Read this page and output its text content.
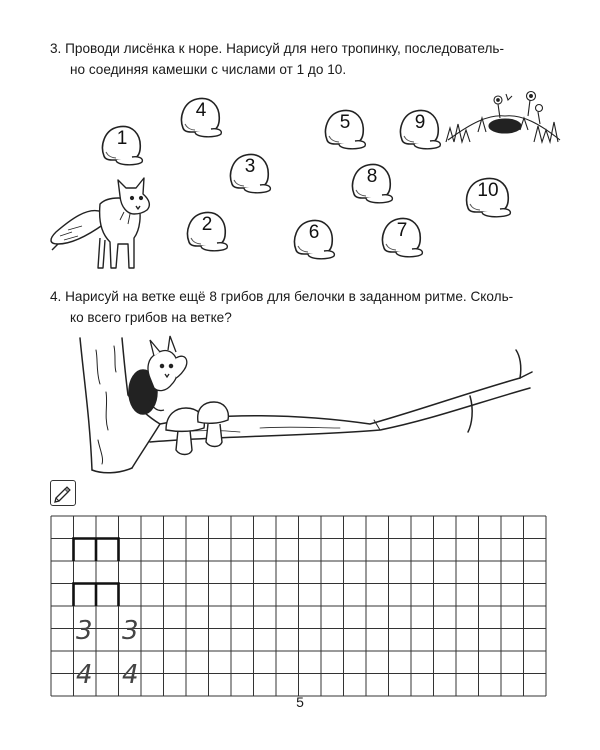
3. Проводи лисёнка к норе. Нарисуй для него тропинку, последователь-

но соединяя камешки с числами от 1 до 10.

1
2
3
4
5
6	7
8
9
10

4. Нарисуй на ветке ещё 8 грибов для белочки в заданном ритме. Сколь-

ко всего грибов на ветке?

3 3
4 4
5
